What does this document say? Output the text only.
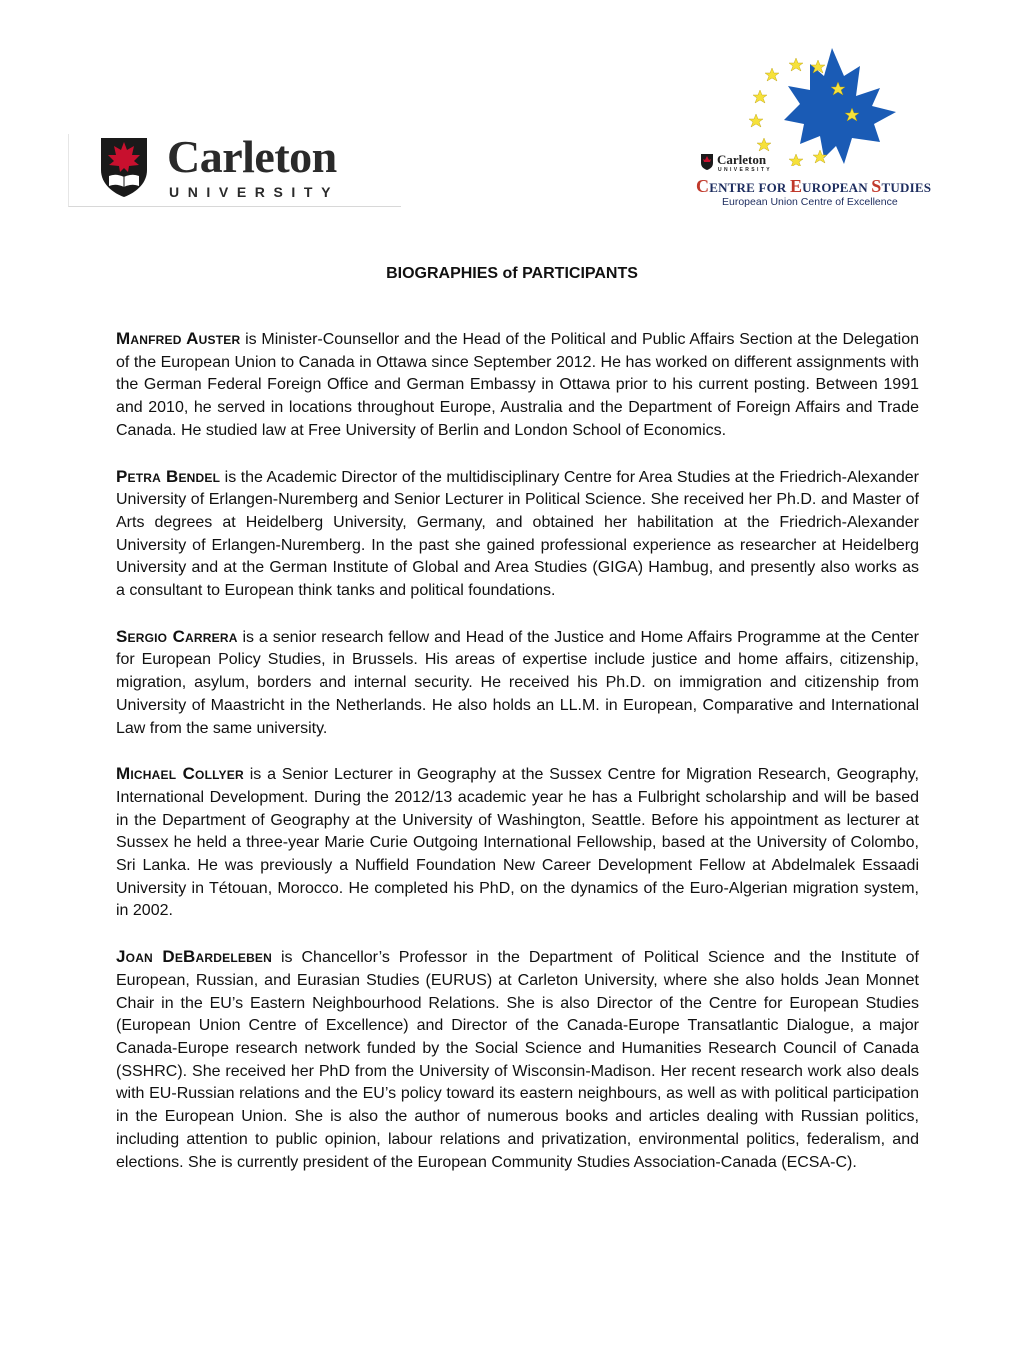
Carleton
UNIVERSITY
Carleton
UNIVERSITY
CENTRE FOR EUROPEAN STUDIES
European Union Centre of Excellence
BIOGRAPHIES of PARTICIPANTS

Manfred Auster is Minister-Counsellor and the Head of the Political and Public Affairs Section at the Delegation of the European Union to Canada in Ottawa since September 2012. He has worked on different assignments with the German Federal Foreign Office and German Embassy in Ottawa prior to his current posting. Between 1991 and 2010, he served in locations throughout Europe, Australia and the Department of Foreign Affairs and Trade Canada. He studied law at Free University of Berlin and London School of Economics.

Petra Bendel is the Academic Director of the multidisciplinary Centre for Area Studies at the Friedrich-Alexander University of Erlangen-Nuremberg and Senior Lecturer in Political Science. She received her Ph.D. and Master of Arts degrees at Heidelberg University, Germany, and obtained her habilitation at the Friedrich-Alexander University of Erlangen-Nuremberg. In the past she gained professional experience as researcher at Heidelberg University and at the German Institute of Global and Area Studies (GIGA) Hambug, and presently also works as a consultant to European think tanks and political foundations.

Sergio Carrera is a senior research fellow and Head of the Justice and Home Affairs Programme at the Center for European Policy Studies, in Brussels. His areas of expertise include justice and home affairs, citizenship, migration, asylum, borders and internal security. He received his Ph.D. on immigration and citizenship from University of Maastricht in the Netherlands. He also holds an LL.M. in European, Comparative and International Law from the same university.

Michael Collyer is a Senior Lecturer in Geography at the Sussex Centre for Migration Research, Geography, International Development. During the 2012/13 academic year he has a Fulbright scholarship and will be based in the Department of Geography at the University of Washington, Seattle. Before his appointment as lecturer at Sussex he held a three-year Marie Curie Outgoing International Fellowship, based at the University of Colombo, Sri Lanka. He was previously a Nuffield Foundation New Career Development Fellow at Abdelmalek Essaadi University in Tétouan, Morocco. He completed his PhD, on the dynamics of the Euro-Algerian migration system, in 2002.

Joan DeBardeleben is Chancellor’s Professor in the Department of Political Science and the Institute of European, Russian, and Eurasian Studies (EURUS) at Carleton University, where she also holds Jean Monnet Chair in the EU’s Eastern Neighbourhood Relations. She is also Director of the Centre for European Studies (European Union Centre of Excellence) and Director of the Canada-Europe Transatlantic Dialogue, a major Canada-Europe research network funded by the Social Science and Humanities Research Council of Canada (SSHRC). She received her PhD from the University of Wisconsin-Madison. Her recent research work also deals with EU-Russian relations and the EU’s policy toward its eastern neighbours, as well as with political participation in the European Union. She is also the author of numerous books and articles dealing with Russian politics, including attention to public opinion, labour relations and privatization, environmental politics, federalism, and elections. She is currently president of the European Community Studies Association-Canada (ECSA-C).
